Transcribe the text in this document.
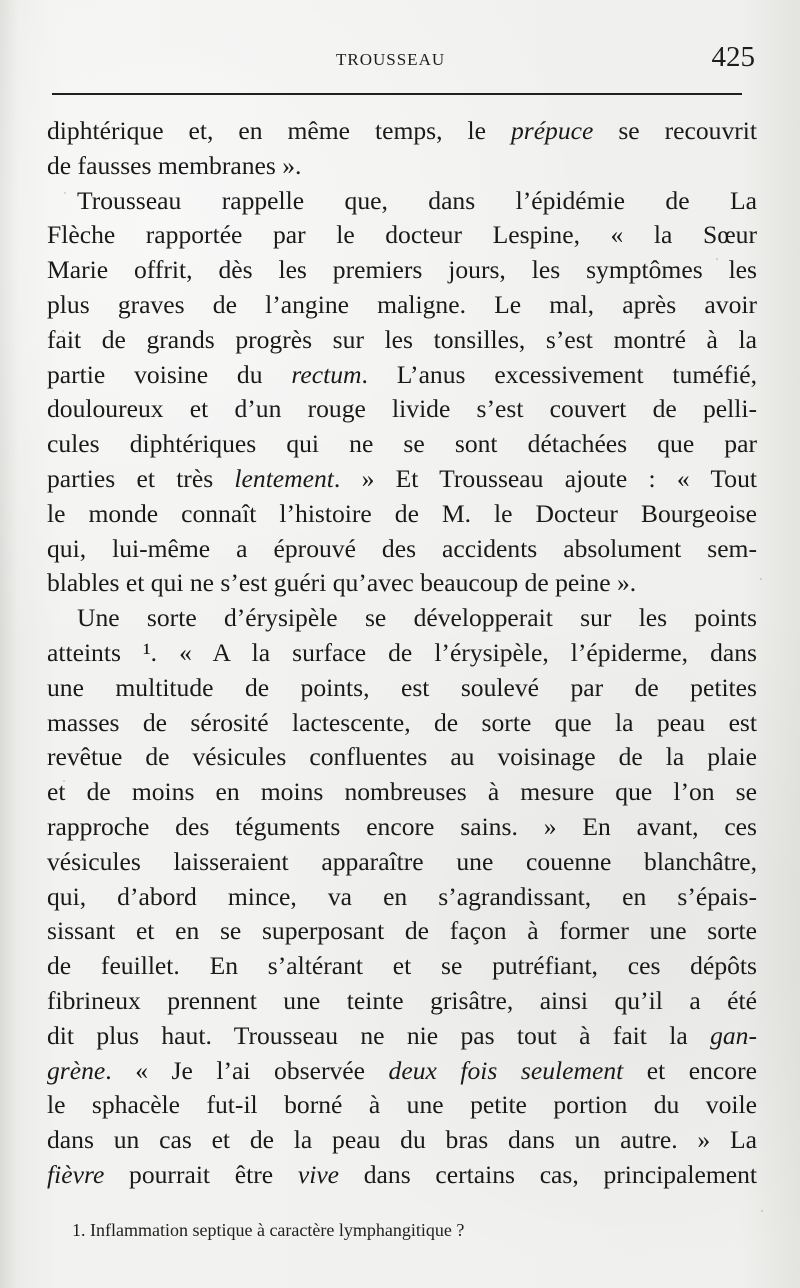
TROUSSEAU	425
diphtérique et, en même temps, le prépuce se recouvrit
de fausses membranes ».
Trousseau rappelle que, dans l’épidémie de La
Flèche rapportée par le docteur Lespine, « la Sœur
Marie offrit, dès les premiers jours, les symptômes les
plus graves de l’angine maligne. Le mal, après avoir
fait de grands progrès sur les tonsilles, s’est montré à la
partie voisine du rectum. L’anus excessivement tuméfié,
douloureux et d’un rouge livide s’est couvert de pelli-
cules diphtériques qui ne se sont détachées que par
parties et très lentement. » Et Trousseau ajoute : « Tout
le monde connaît l’histoire de M. le Docteur Bourgeoise
qui, lui-même a éprouvé des accidents absolument sem-
blables et qui ne s’est guéri qu’avec beaucoup de peine ».
Une sorte d’érysipèle se développerait sur les points
atteints ¹. « A la surface de l’érysipèle, l’épiderme, dans
une multitude de points, est soulevé par de petites
masses de sérosité lactescente, de sorte que la peau est
revêtue de vésicules confluentes au voisinage de la plaie
et de moins en moins nombreuses à mesure que l’on se
rapproche des téguments encore sains. » En avant, ces
vésicules laisseraient apparaître une couenne blanchâtre,
qui, d’abord mince, va en s’agrandissant, en s’épais-
sissant et en se superposant de façon à former une sorte
de feuillet. En s’altérant et se putréfiant, ces dépôts
fibrineux prennent une teinte grisâtre, ainsi qu’il a été
dit plus haut. Trousseau ne nie pas tout à fait la gan-
grène. « Je l’ai observée deux fois seulement et encore
le sphacèle fut-il borné à une petite portion du voile
dans un cas et de la peau du bras dans un autre. » La
fièvre pourrait être vive dans certains cas, principalement
1. Inflammation septique à caractère lymphangitique ?
